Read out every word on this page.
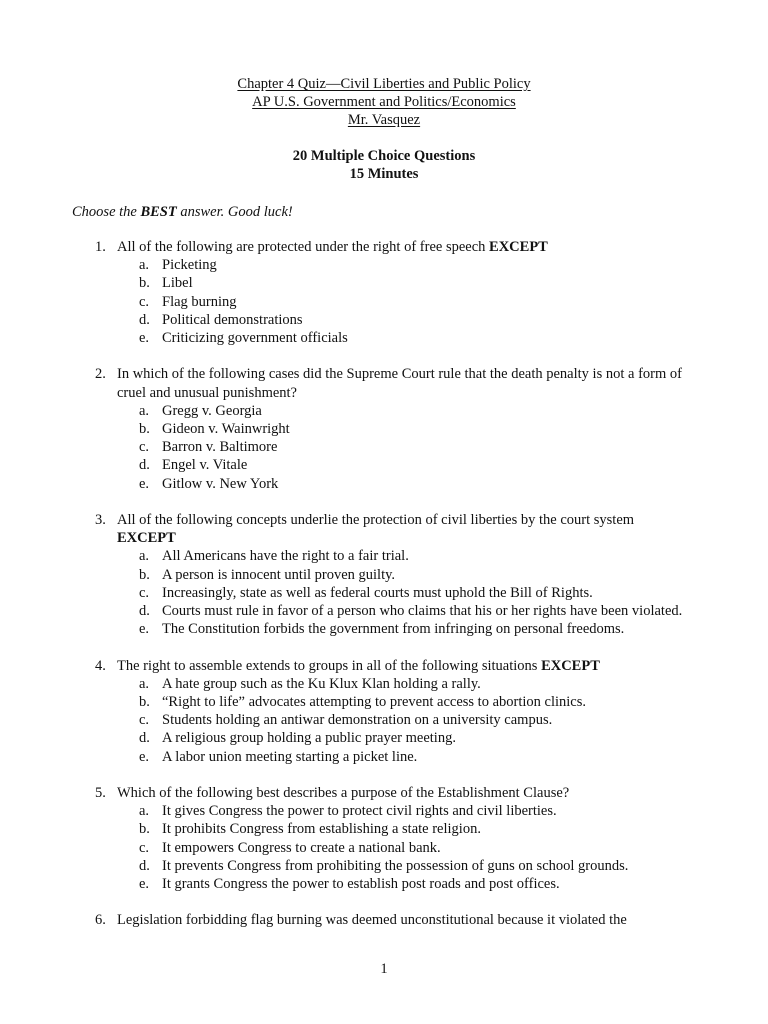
Chapter 4 Quiz—Civil Liberties and Public Policy
AP U.S. Government and Politics/Economics
Mr. Vasquez
20 Multiple Choice Questions
15 Minutes
Choose the BEST answer. Good luck!
1. All of the following are protected under the right of free speech EXCEPT
a. Picketing
b. Libel
c. Flag burning
d. Political demonstrations
e. Criticizing government officials
2. In which of the following cases did the Supreme Court rule that the death penalty is not a form of cruel and unusual punishment?
a. Gregg v. Georgia
b. Gideon v. Wainwright
c. Barron v. Baltimore
d. Engel v. Vitale
e. Gitlow v. New York
3. All of the following concepts underlie the protection of civil liberties by the court system EXCEPT
a. All Americans have the right to a fair trial.
b. A person is innocent until proven guilty.
c. Increasingly, state as well as federal courts must uphold the Bill of Rights.
d. Courts must rule in favor of a person who claims that his or her rights have been violated.
e. The Constitution forbids the government from infringing on personal freedoms.
4. The right to assemble extends to groups in all of the following situations EXCEPT
a. A hate group such as the Ku Klux Klan holding a rally.
b. “Right to life” advocates attempting to prevent access to abortion clinics.
c. Students holding an antiwar demonstration on a university campus.
d. A religious group holding a public prayer meeting.
e. A labor union meeting starting a picket line.
5. Which of the following best describes a purpose of the Establishment Clause?
a. It gives Congress the power to protect civil rights and civil liberties.
b. It prohibits Congress from establishing a state religion.
c. It empowers Congress to create a national bank.
d. It prevents Congress from prohibiting the possession of guns on school grounds.
e. It grants Congress the power to establish post roads and post offices.
6. Legislation forbidding flag burning was deemed unconstitutional because it violated the
1
